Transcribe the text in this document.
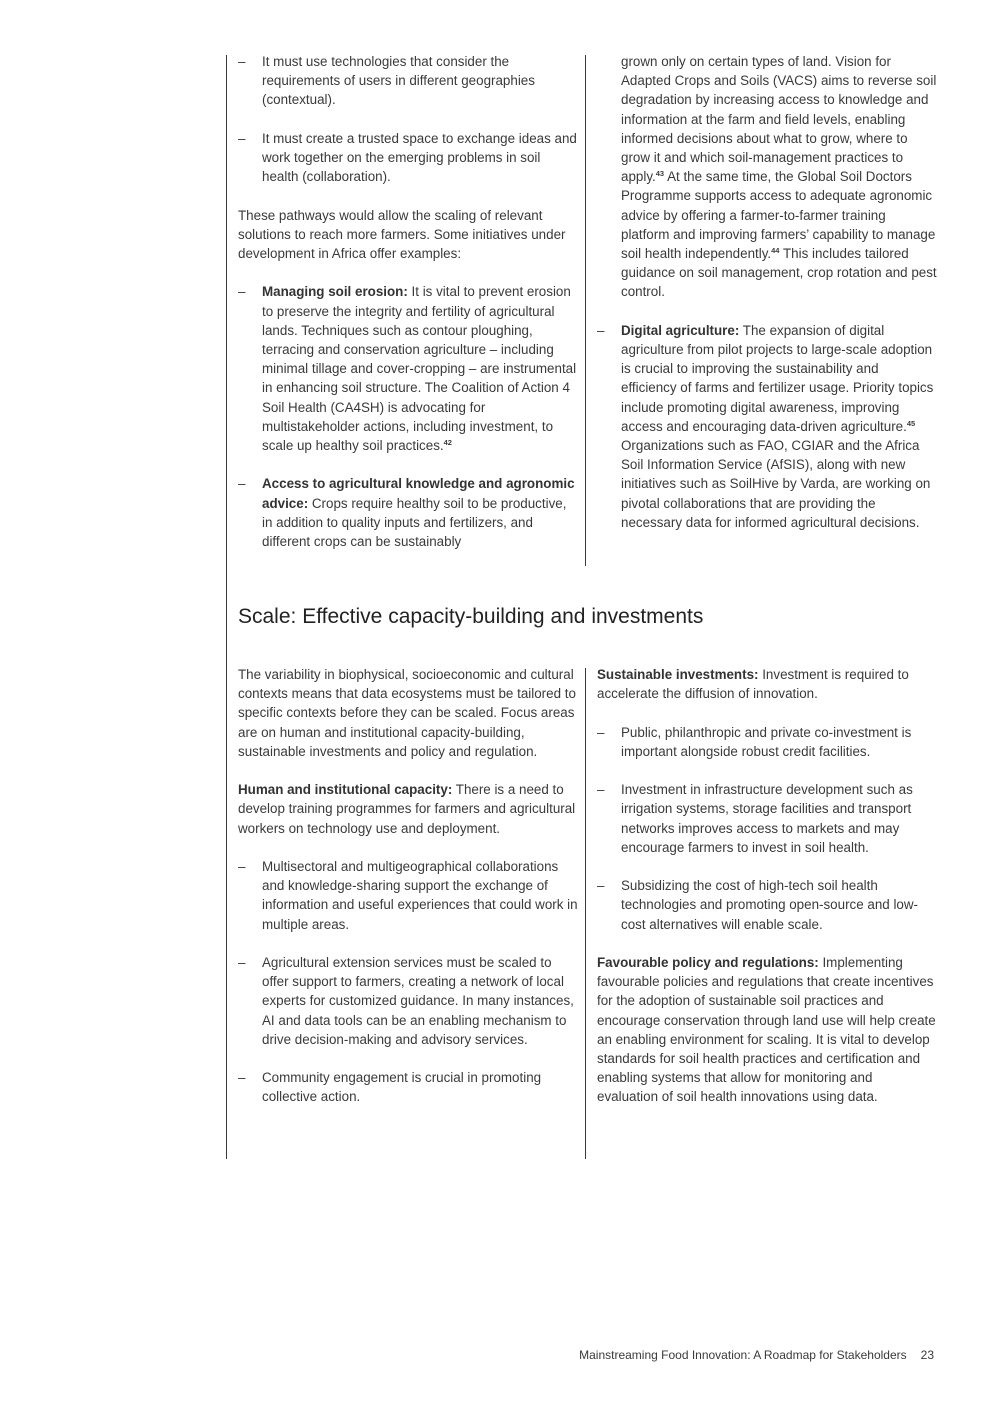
– It must use technologies that consider the requirements of users in different geographies (contextual).
– It must create a trusted space to exchange ideas and work together on the emerging problems in soil health (collaboration).

These pathways would allow the scaling of relevant solutions to reach more farmers. Some initiatives under development in Africa offer examples:

– Managing soil erosion: It is vital to prevent erosion to preserve the integrity and fertility of agricultural lands. Techniques such as contour ploughing, terracing and conservation agriculture – including minimal tillage and cover-cropping – are instrumental in enhancing soil structure. The Coalition of Action 4 Soil Health (CA4SH) is advocating for multistakeholder actions, including investment, to scale up healthy soil practices.$^{42}$
– Access to agricultural knowledge and agronomic advice: Crops require healthy soil to be productive, in addition to quality inputs and fertilizers, and different crops can be sustainably
grown only on certain types of land. Vision for Adapted Crops and Soils (VACS) aims to reverse soil degradation by increasing access to knowledge and information at the farm and field levels, enabling informed decisions about what to grow, where to grow it and which soil-management practices to apply.$^{43}$ At the same time, the Global Soil Doctors Programme supports access to adequate agronomic advice by offering a farmer-to-farmer training platform and improving farmers’ capability to manage soil health independently.$^{44}$ This includes tailored guidance on soil management, crop rotation and pest control.
– Digital agriculture: The expansion of digital agriculture from pilot projects to large-scale adoption is crucial to improving the sustainability and efficiency of farms and fertilizer usage. Priority topics include promoting digital awareness, improving access and encouraging data-driven agriculture.$^{45}$ Organizations such as FAO, CGIAR and the Africa Soil Information Service (AfSIS), along with new initiatives such as SoilHive by Varda, are working on pivotal collaborations that are providing the necessary data for informed agricultural decisions.
Scale: Effective capacity-building and investments

The variability in biophysical, socioeconomic and cultural contexts means that data ecosystems must be tailored to specific contexts before they can be scaled. Focus areas are on human and institutional capacity-building, sustainable investments and policy and regulation.

Human and institutional capacity: There is a need to develop training programmes for farmers and agricultural workers on technology use and deployment.

– Multisectoral and multigeographical collaborations and knowledge-sharing support the exchange of information and useful experiences that could work in multiple areas.
– Agricultural extension services must be scaled to offer support to farmers, creating a network of local experts for customized guidance. In many instances, AI and data tools can be an enabling mechanism to drive decision-making and advisory services.
– Community engagement is crucial in promoting collective action.

Sustainable investments: Investment is required to accelerate the diffusion of innovation.

– Public, philanthropic and private co-investment is important alongside robust credit facilities.
– Investment in infrastructure development such as irrigation systems, storage facilities and transport networks improves access to markets and may encourage farmers to invest in soil health.
– Subsidizing the cost of high-tech soil health technologies and promoting open-source and low-cost alternatives will enable scale.

Favourable policy and regulations: Implementing favourable policies and regulations that create incentives for the adoption of sustainable soil practices and encourage conservation through land use will help create an enabling environment for scaling. It is vital to develop standards for soil health practices and certification and enabling systems that allow for monitoring and evaluation of soil health innovations using data.

Mainstreaming Food Innovation: A Roadmap for Stakeholders 23
